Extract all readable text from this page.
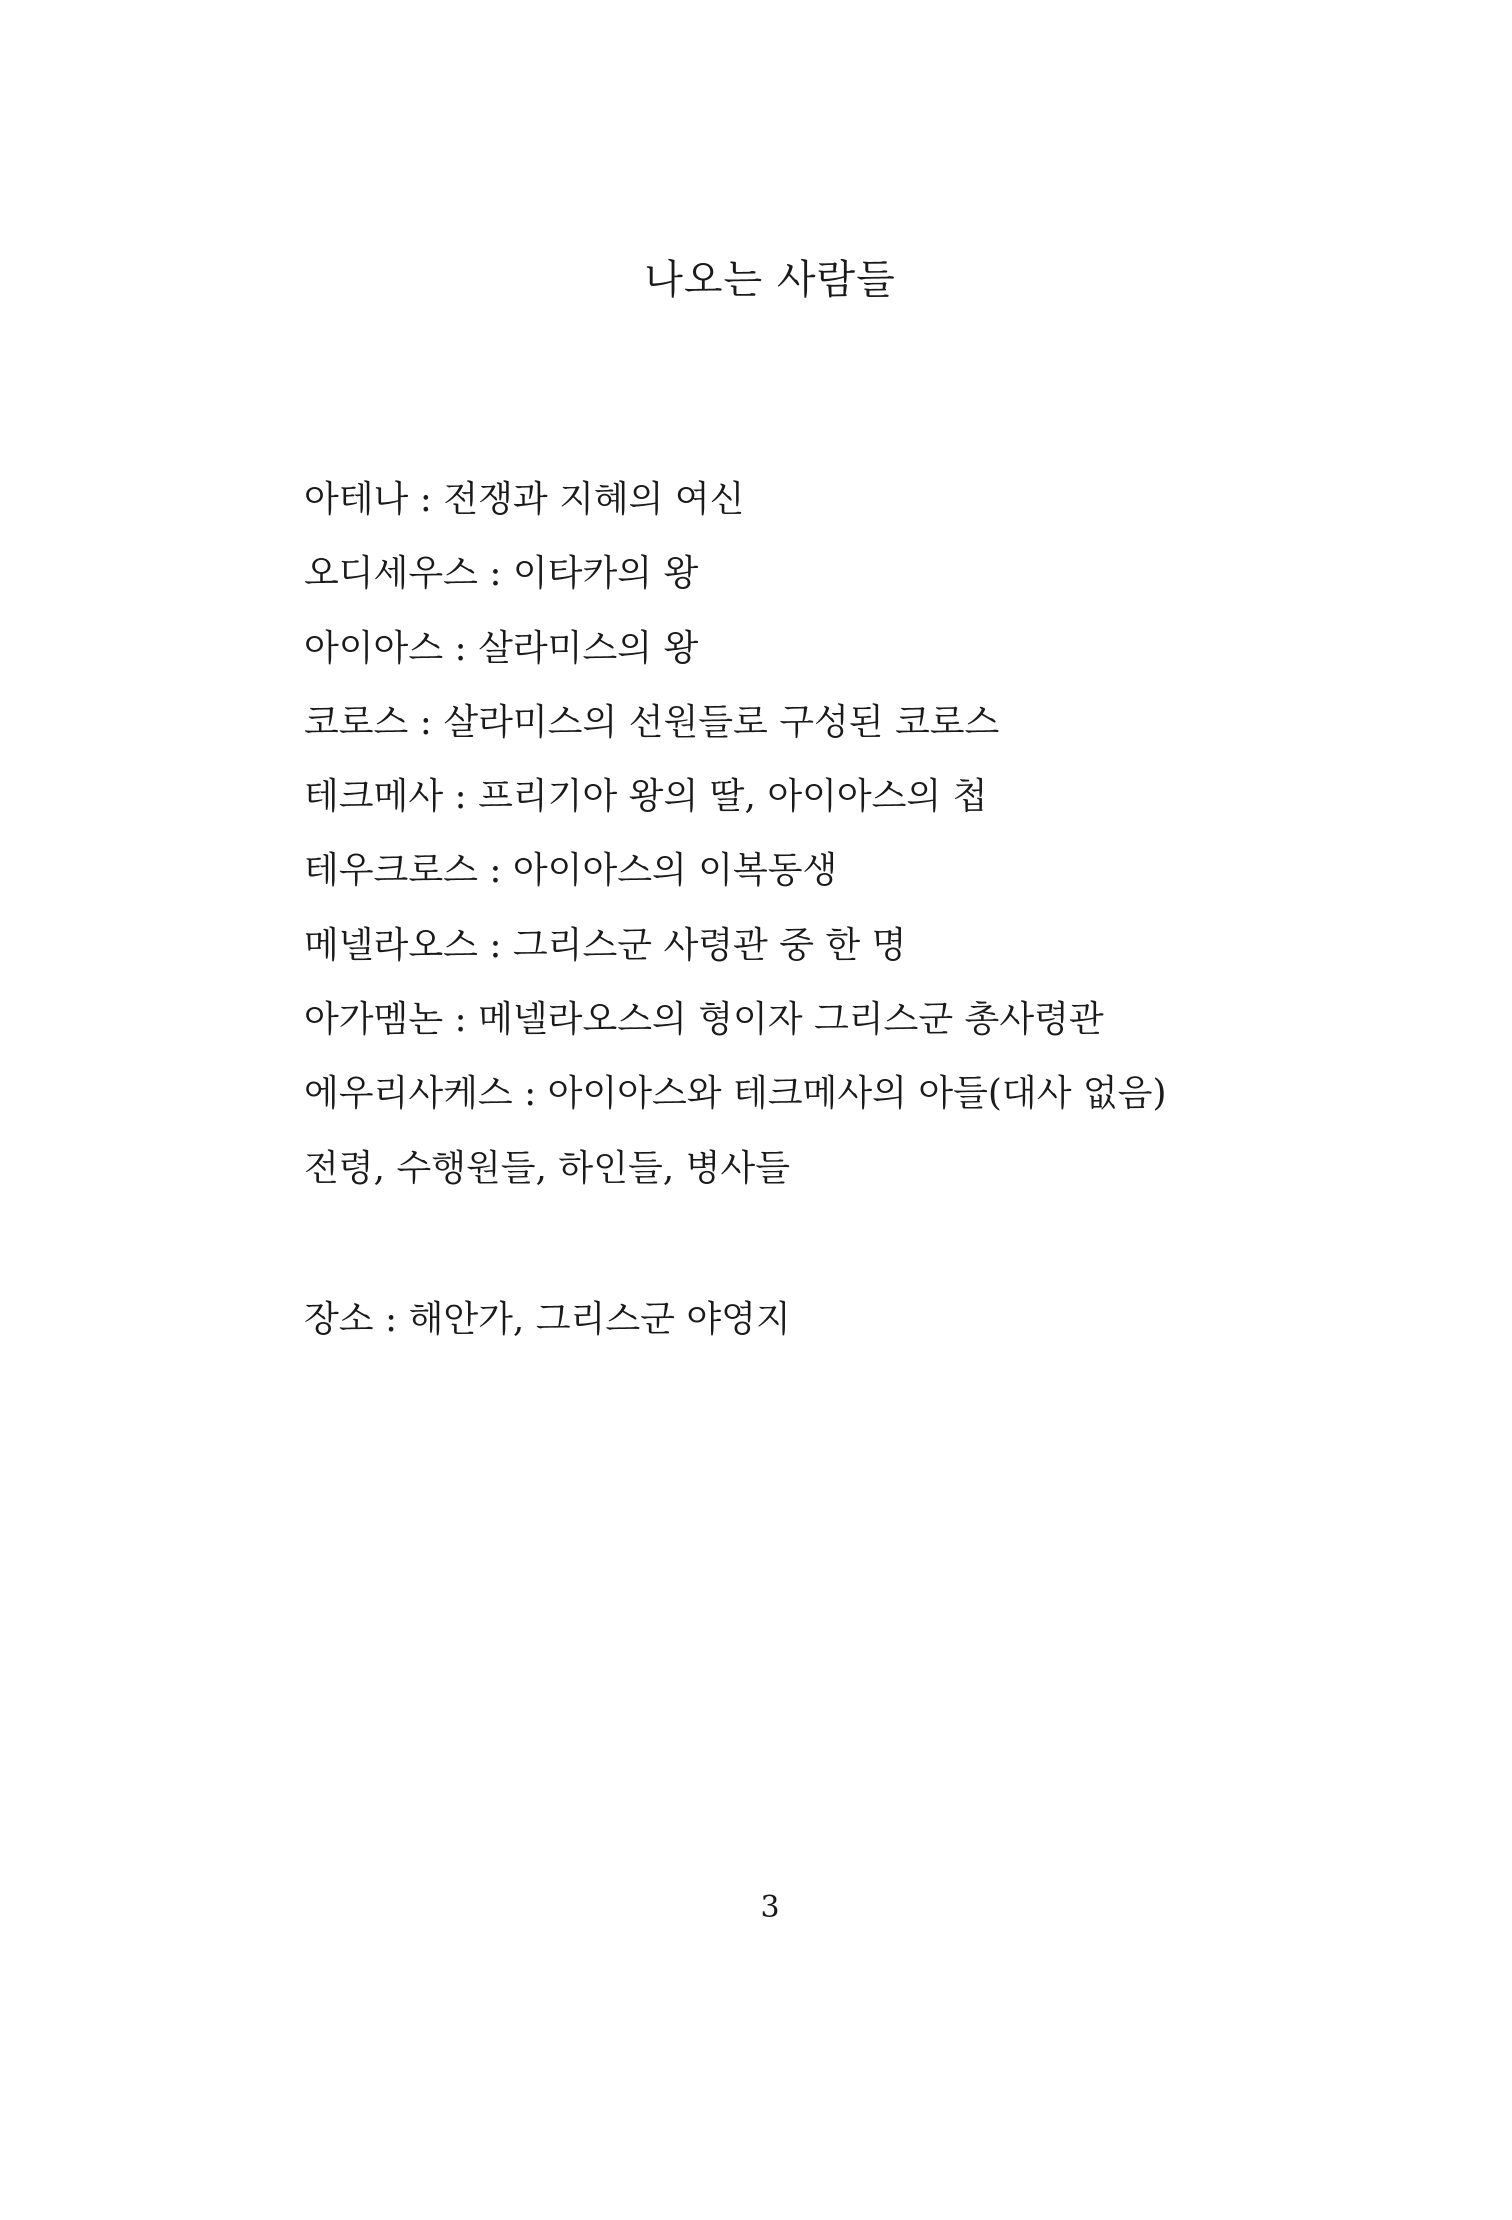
나오는 사람들
아테나 : 전쟁과 지혜의 여신
오디세우스 : 이타카의 왕
아이아스 : 살라미스의 왕
코로스 : 살라미스의 선원들로 구성된 코로스
테크메사 : 프리기아 왕의 딸, 아이아스의 첩
테우크로스 : 아이아스의 이복동생
메넬라오스 : 그리스군 사령관 중 한 명
아가멤논 : 메넬라오스의 형이자 그리스군 총사령관
에우리사케스 : 아이아스와 테크메사의 아들(대사 없음)
전령, 수행원들, 하인들, 병사들
장소 : 해안가, 그리스군 야영지
3
